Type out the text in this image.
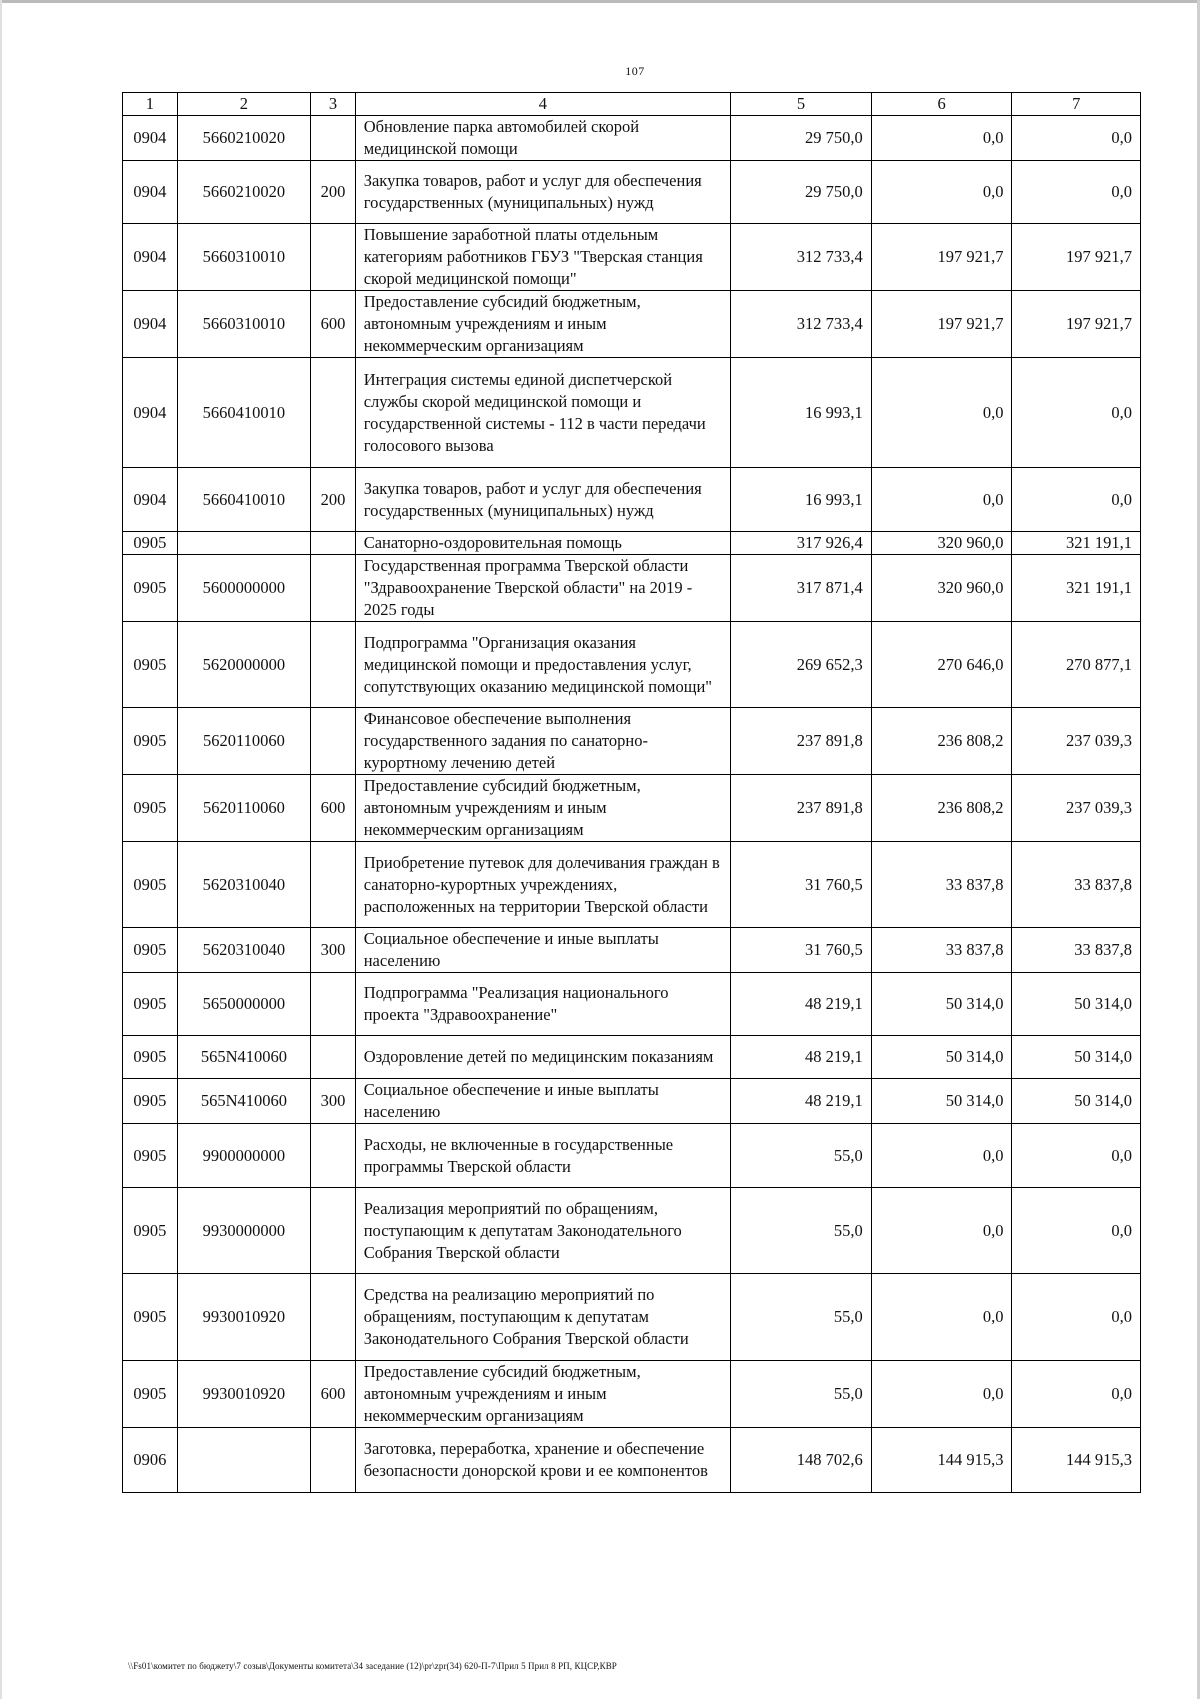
107
1	2	3	4	5	6	7
0904	5660210020		Обновление парка автомобилей скорой медицинской помощи	29 750,0	0,0	0,0
0904	5660210020	200	Закупка товаров, работ и услуг для обеспечения государственных (муниципальных) нужд	29 750,0	0,0	0,0
0904	5660310010		Повышение заработной платы отдельным категориям работников ГБУЗ "Тверская станция скорой медицинской помощи"	312 733,4	197 921,7	197 921,7
0904	5660310010	600	Предоставление субсидий бюджетным, автономным учреждениям и иным некоммерческим организациям	312 733,4	197 921,7	197 921,7
0904	5660410010		Интеграция системы единой диспетчерской службы скорой медицинской помощи и государственной системы - 112 в части передачи голосового вызова	16 993,1	0,0	0,0
0904	5660410010	200	Закупка товаров, работ и услуг для обеспечения государственных (муниципальных) нужд	16 993,1	0,0	0,0
0905			Санаторно-оздоровительная помощь	317 926,4	320 960,0	321 191,1
0905	5600000000		Государственная программа Тверской области "Здравоохранение Тверской области" на 2019 - 2025 годы	317 871,4	320 960,0	321 191,1
0905	5620000000		Подпрограмма "Организация оказания медицинской помощи и предоставления услуг, сопутствующих оказанию медицинской помощи"	269 652,3	270 646,0	270 877,1
0905	5620110060		Финансовое обеспечение выполнения государственного задания по санаторно-курортному лечению детей	237 891,8	236 808,2	237 039,3
0905	5620110060	600	Предоставление субсидий бюджетным, автономным учреждениям и иным некоммерческим организациям	237 891,8	236 808,2	237 039,3
0905	5620310040		Приобретение путевок для долечивания граждан в санаторно-курортных учреждениях, расположенных на территории Тверской области	31 760,5	33 837,8	33 837,8
0905	5620310040	300	Социальное обеспечение и иные выплаты населению	31 760,5	33 837,8	33 837,8
0905	5650000000		Подпрограмма "Реализация национального проекта "Здравоохранение"	48 219,1	50 314,0	50 314,0
0905	565N410060		Оздоровление детей по медицинским показаниям	48 219,1	50 314,0	50 314,0
0905	565N410060	300	Социальное обеспечение и иные выплаты населению	48 219,1	50 314,0	50 314,0
0905	9900000000		Расходы, не включенные в государственные программы Тверской области	55,0	0,0	0,0
0905	9930000000		Реализация мероприятий по обращениям, поступающим к депутатам Законодательного Собрания Тверской области	55,0	0,0	0,0
0905	9930010920		Средства на реализацию мероприятий по обращениям, поступающим к депутатам Законодательного Собрания Тверской области	55,0	0,0	0,0
0905	9930010920	600	Предоставление субсидий бюджетным, автономным учреждениям и иным некоммерческим организациям	55,0	0,0	0,0
0906			Заготовка, переработка, хранение и обеспечение безопасности донорской крови и ее компонентов	148 702,6	144 915,3	144 915,3
\\Fs01\комитет по бюджету\7 созыв\Документы комитета\34 заседание (12)\pr\zpr(34) 620-П-7\Прил 5 Прил 8 РП, КЦСР,КВР
